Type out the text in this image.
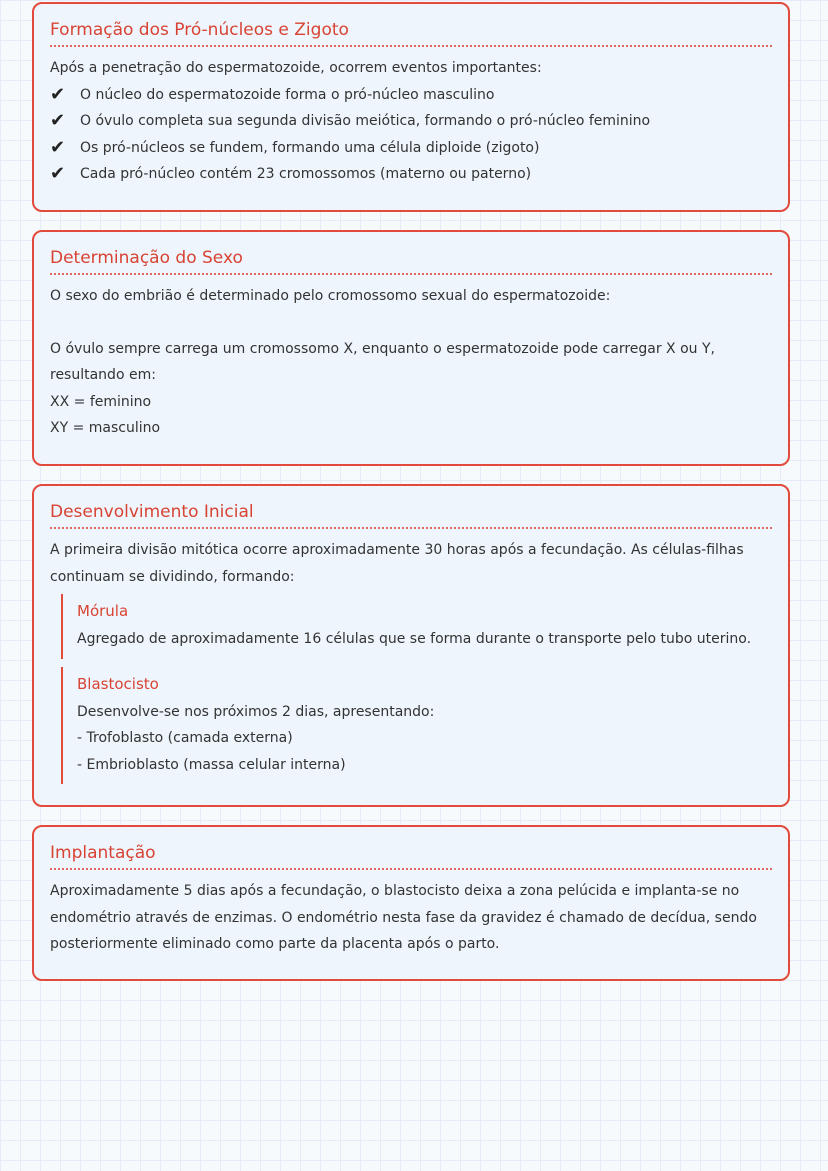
Formação dos Pró-núcleos e Zigoto

Após a penetração do espermatozoide, ocorrem eventos importantes:

✔	O núcleo do espermatozoide forma o pró-núcleo masculino
✔	O óvulo completa sua segunda divisão meiótica, formando o pró-núcleo feminino
✔	Os pró-núcleos se fundem, formando uma célula diploide (zigoto)
✔	Cada pró-núcleo contém 23 cromossomos (materno ou paterno)
Determinação do Sexo

O sexo do embrião é determinado pelo cromossomo sexual do espermatozoide:

O óvulo sempre carrega um cromossomo X, enquanto o espermatozoide pode carregar X ou Y,

resultando em:

XX = feminino

XY = masculino

Desenvolvimento Inicial

A primeira divisão mitótica ocorre aproximadamente 30 horas após a fecundação. As células-filhas

continuam se dividindo, formando:

Mórula

Agregado de aproximadamente 16 células que se forma durante o transporte pelo tubo uterino.

Blastocisto

Desenvolve-se nos próximos 2 dias, apresentando:

- Trofoblasto (camada externa)

- Embrioblasto (massa celular interna)

Implantação

Aproximadamente 5 dias após a fecundação, o blastocisto deixa a zona pelúcida e implanta-se no

endométrio através de enzimas. O endométrio nesta fase da gravidez é chamado de decídua, sendo

posteriormente eliminado como parte da placenta após o parto.
